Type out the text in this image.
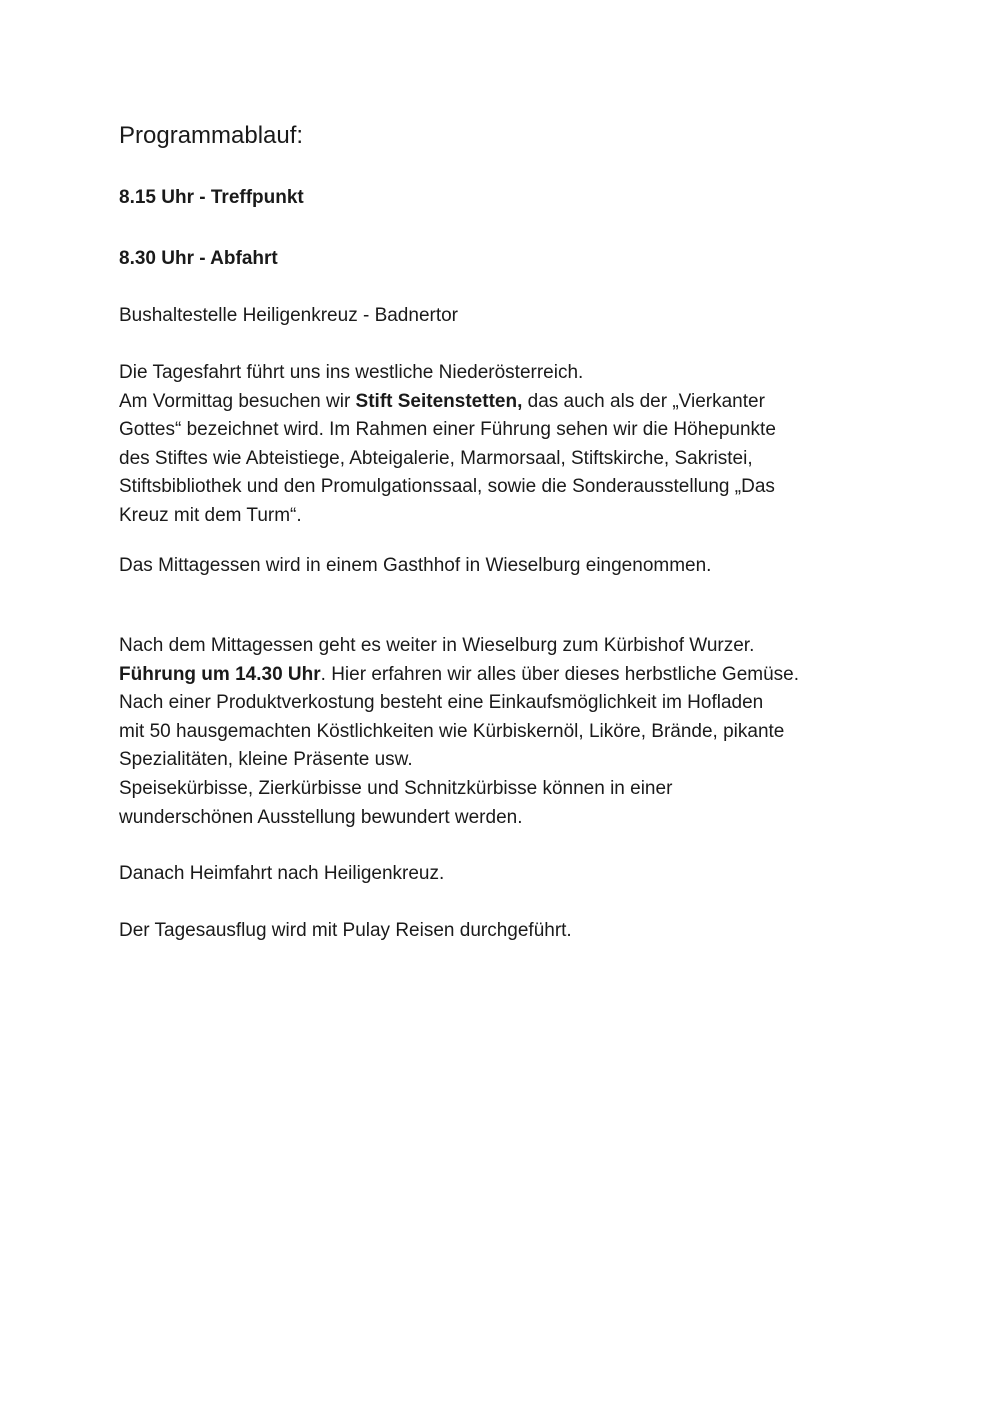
Programmablauf:
8.15 Uhr - Treffpunkt
8.30 Uhr - Abfahrt
Bushaltestelle Heiligenkreuz - Badnertor
Die Tagesfahrt führt uns ins westliche Niederösterreich.
Am Vormittag besuchen wir Stift Seitenstetten, das auch als der „Vierkanter
Gottes“ bezeichnet wird. Im Rahmen einer Führung sehen wir die Höhepunkte
des Stiftes wie Abteistiege, Abteigalerie, Marmorsaal, Stiftskirche, Sakristei,
Stiftsbibliothek und den Promulgationssaal, sowie die Sonderausstellung „Das
Kreuz mit dem Turm“.
Das Mittagessen wird in einem Gasthhof in Wieselburg eingenommen.
Nach dem Mittagessen geht es weiter in Wieselburg zum Kürbishof Wurzer.
Führung um 14.30 Uhr. Hier erfahren wir alles über dieses herbstliche Gemüse.
Nach einer Produktverkostung besteht eine Einkaufsmöglichkeit im Hofladen
mit 50 hausgemachten Köstlichkeiten wie Kürbiskernöl, Liköre, Brände, pikante
Spezialitäten, kleine Präsente usw.
Speisekürbisse, Zierkürbisse und Schnitzkürbisse können in einer
wunderschönen Ausstellung bewundert werden.
Danach Heimfahrt nach Heiligenkreuz.
Der Tagesausflug wird mit Pulay Reisen durchgeführt.
